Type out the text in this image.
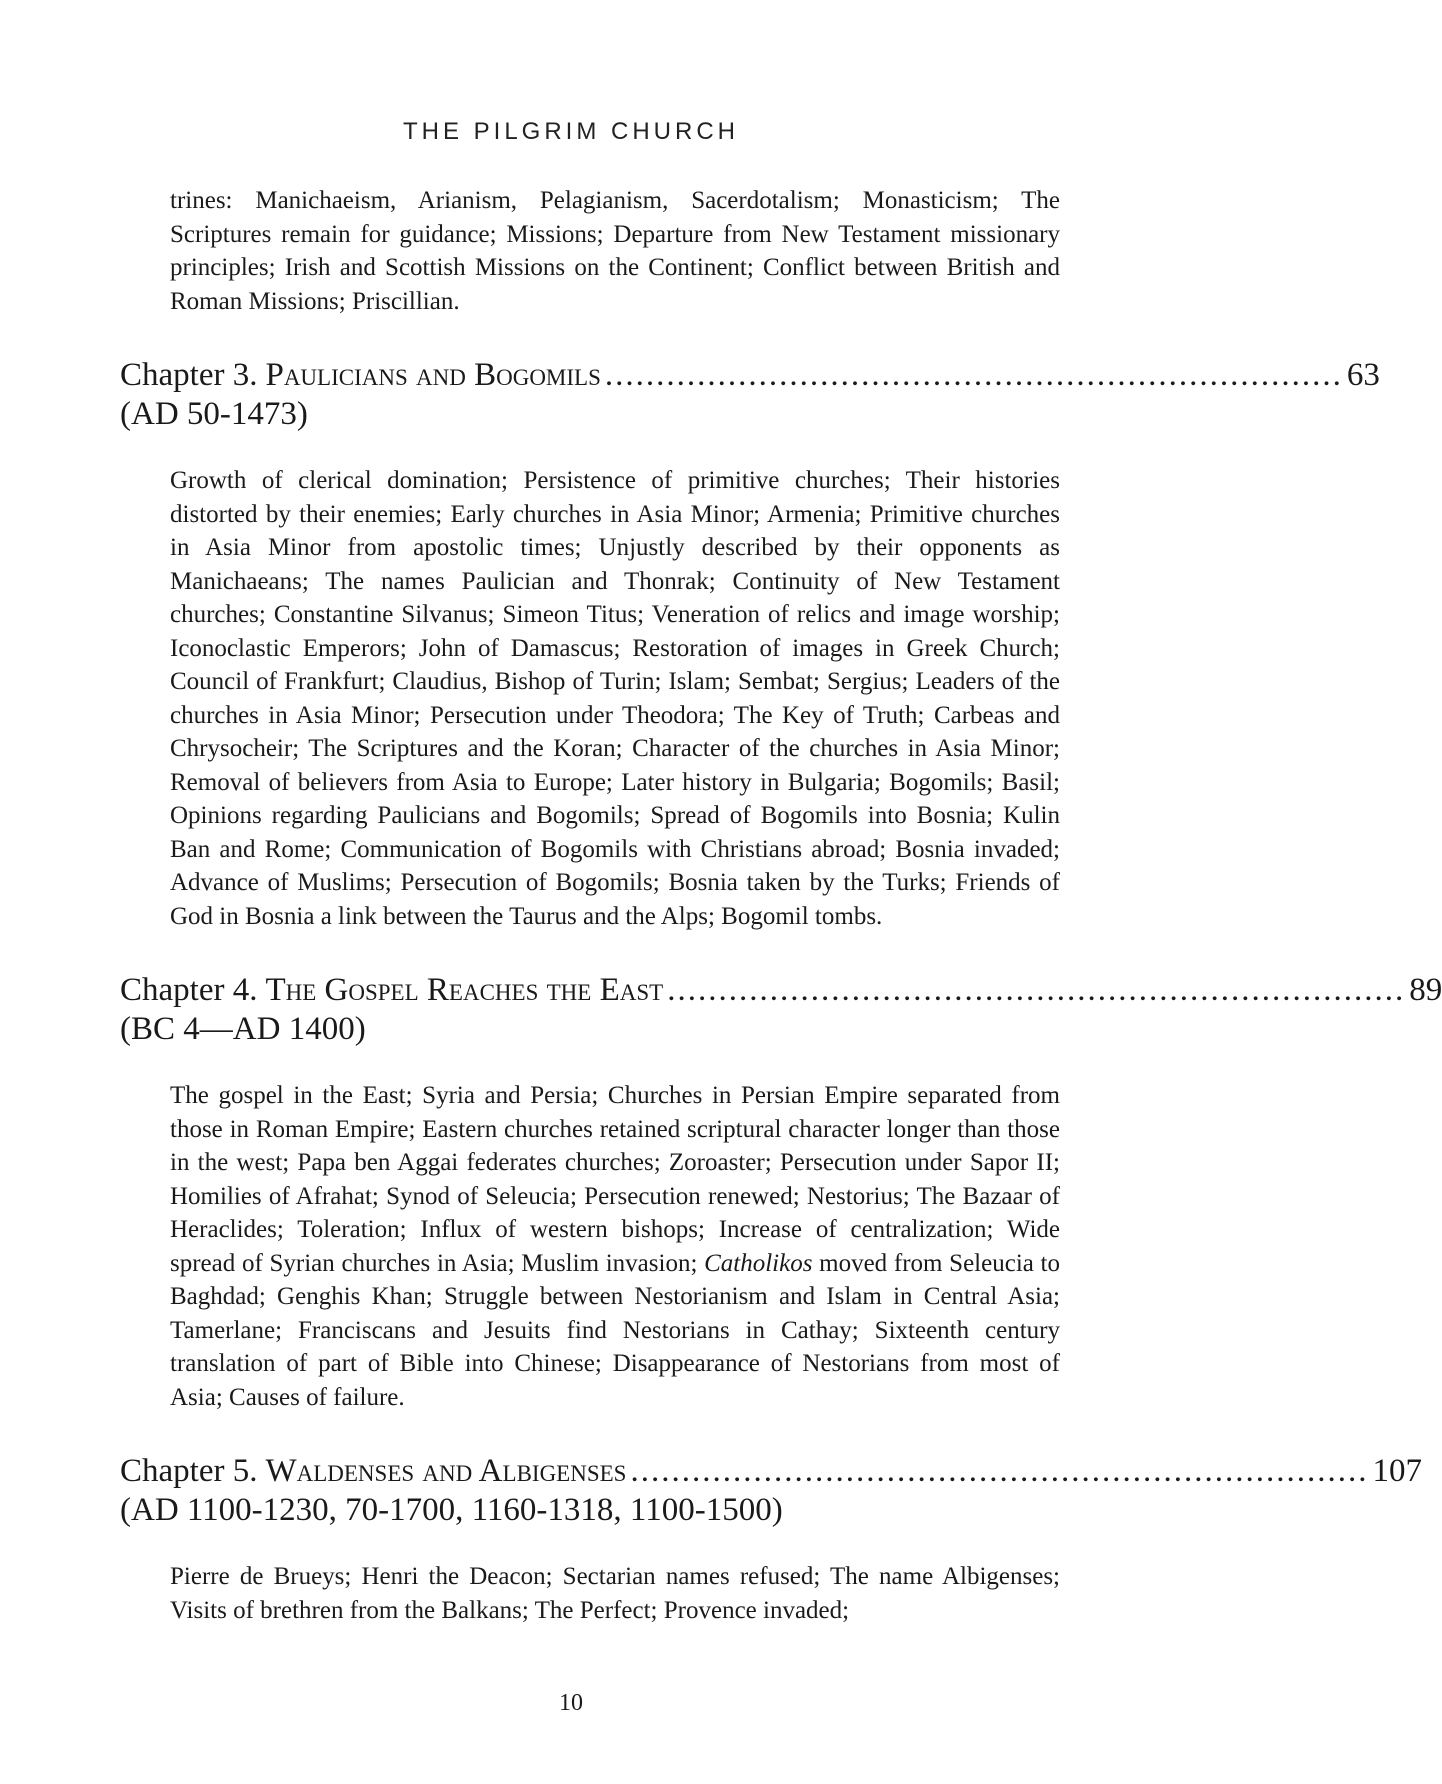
THE PILGRIM CHURCH

trines: Manichaeism, Arianism, Pelagianism, Sacerdotalism; Monasticism; The Scriptures remain for guidance; Missions; Departure from New Testament missionary principles; Irish and Scottish Missions on the Continent; Conflict between British and Roman Missions; Priscillian.

Chapter 3. Paulicians and Bogomils ........................................................................ 63
(AD 50-1473)

Growth of clerical domination; Persistence of primitive churches; Their histories distorted by their enemies; Early churches in Asia Minor; Armenia; Primitive churches in Asia Minor from apostolic times; Unjustly described by their opponents as Manichaeans; The names Paulician and Thonrak; Continuity of New Testament churches; Constantine Silvanus; Simeon Titus; Veneration of relics and image worship; Iconoclastic Emperors; John of Damascus; Restoration of images in Greek Church; Council of Frankfurt; Claudius, Bishop of Turin; Islam; Sembat; Sergius; Leaders of the churches in Asia Minor; Persecution under Theodora; The Key of Truth; Carbeas and Chrysocheir; The Scriptures and the Koran; Character of the churches in Asia Minor; Removal of believers from Asia to Europe; Later history in Bulgaria; Bogomils; Basil; Opinions regarding Paulicians and Bogomils; Spread of Bogomils into Bosnia; Kulin Ban and Rome; Communication of Bogomils with Christians abroad; Bosnia invaded; Advance of Muslims; Persecution of Bogomils; Bosnia taken by the Turks; Friends of God in Bosnia a link between the Taurus and the Alps; Bogomil tombs.

Chapter 4. The Gospel Reaches the East ........................................................................ 89
(BC 4—AD 1400)

The gospel in the East; Syria and Persia; Churches in Persian Empire separated from those in Roman Empire; Eastern churches retained scriptural character longer than those in the west; Papa ben Aggai federates churches; Zoroaster; Persecution under Sapor II; Homilies of Afrahat; Synod of Seleucia; Persecution renewed; Nestorius; The Bazaar of Heraclides; Toleration; Influx of western bishops; Increase of centralization; Wide spread of Syrian churches in Asia; Muslim invasion; Catholikos moved from Seleucia to Baghdad; Genghis Khan; Struggle between Nestorianism and Islam in Central Asia; Tamerlane; Franciscans and Jesuits find Nestorians in Cathay; Sixteenth century translation of part of Bible into Chinese; Disappearance of Nestorians from most of Asia; Causes of failure.

Chapter 5. Waldenses and Albigenses ........................................................................ 107
(AD 1100-1230, 70-1700, 1160-1318, 1100-1500)

Pierre de Brueys; Henri the Deacon; Sectarian names refused; The name Albigenses; Visits of brethren from the Balkans; The Perfect; Provence invaded;

10
